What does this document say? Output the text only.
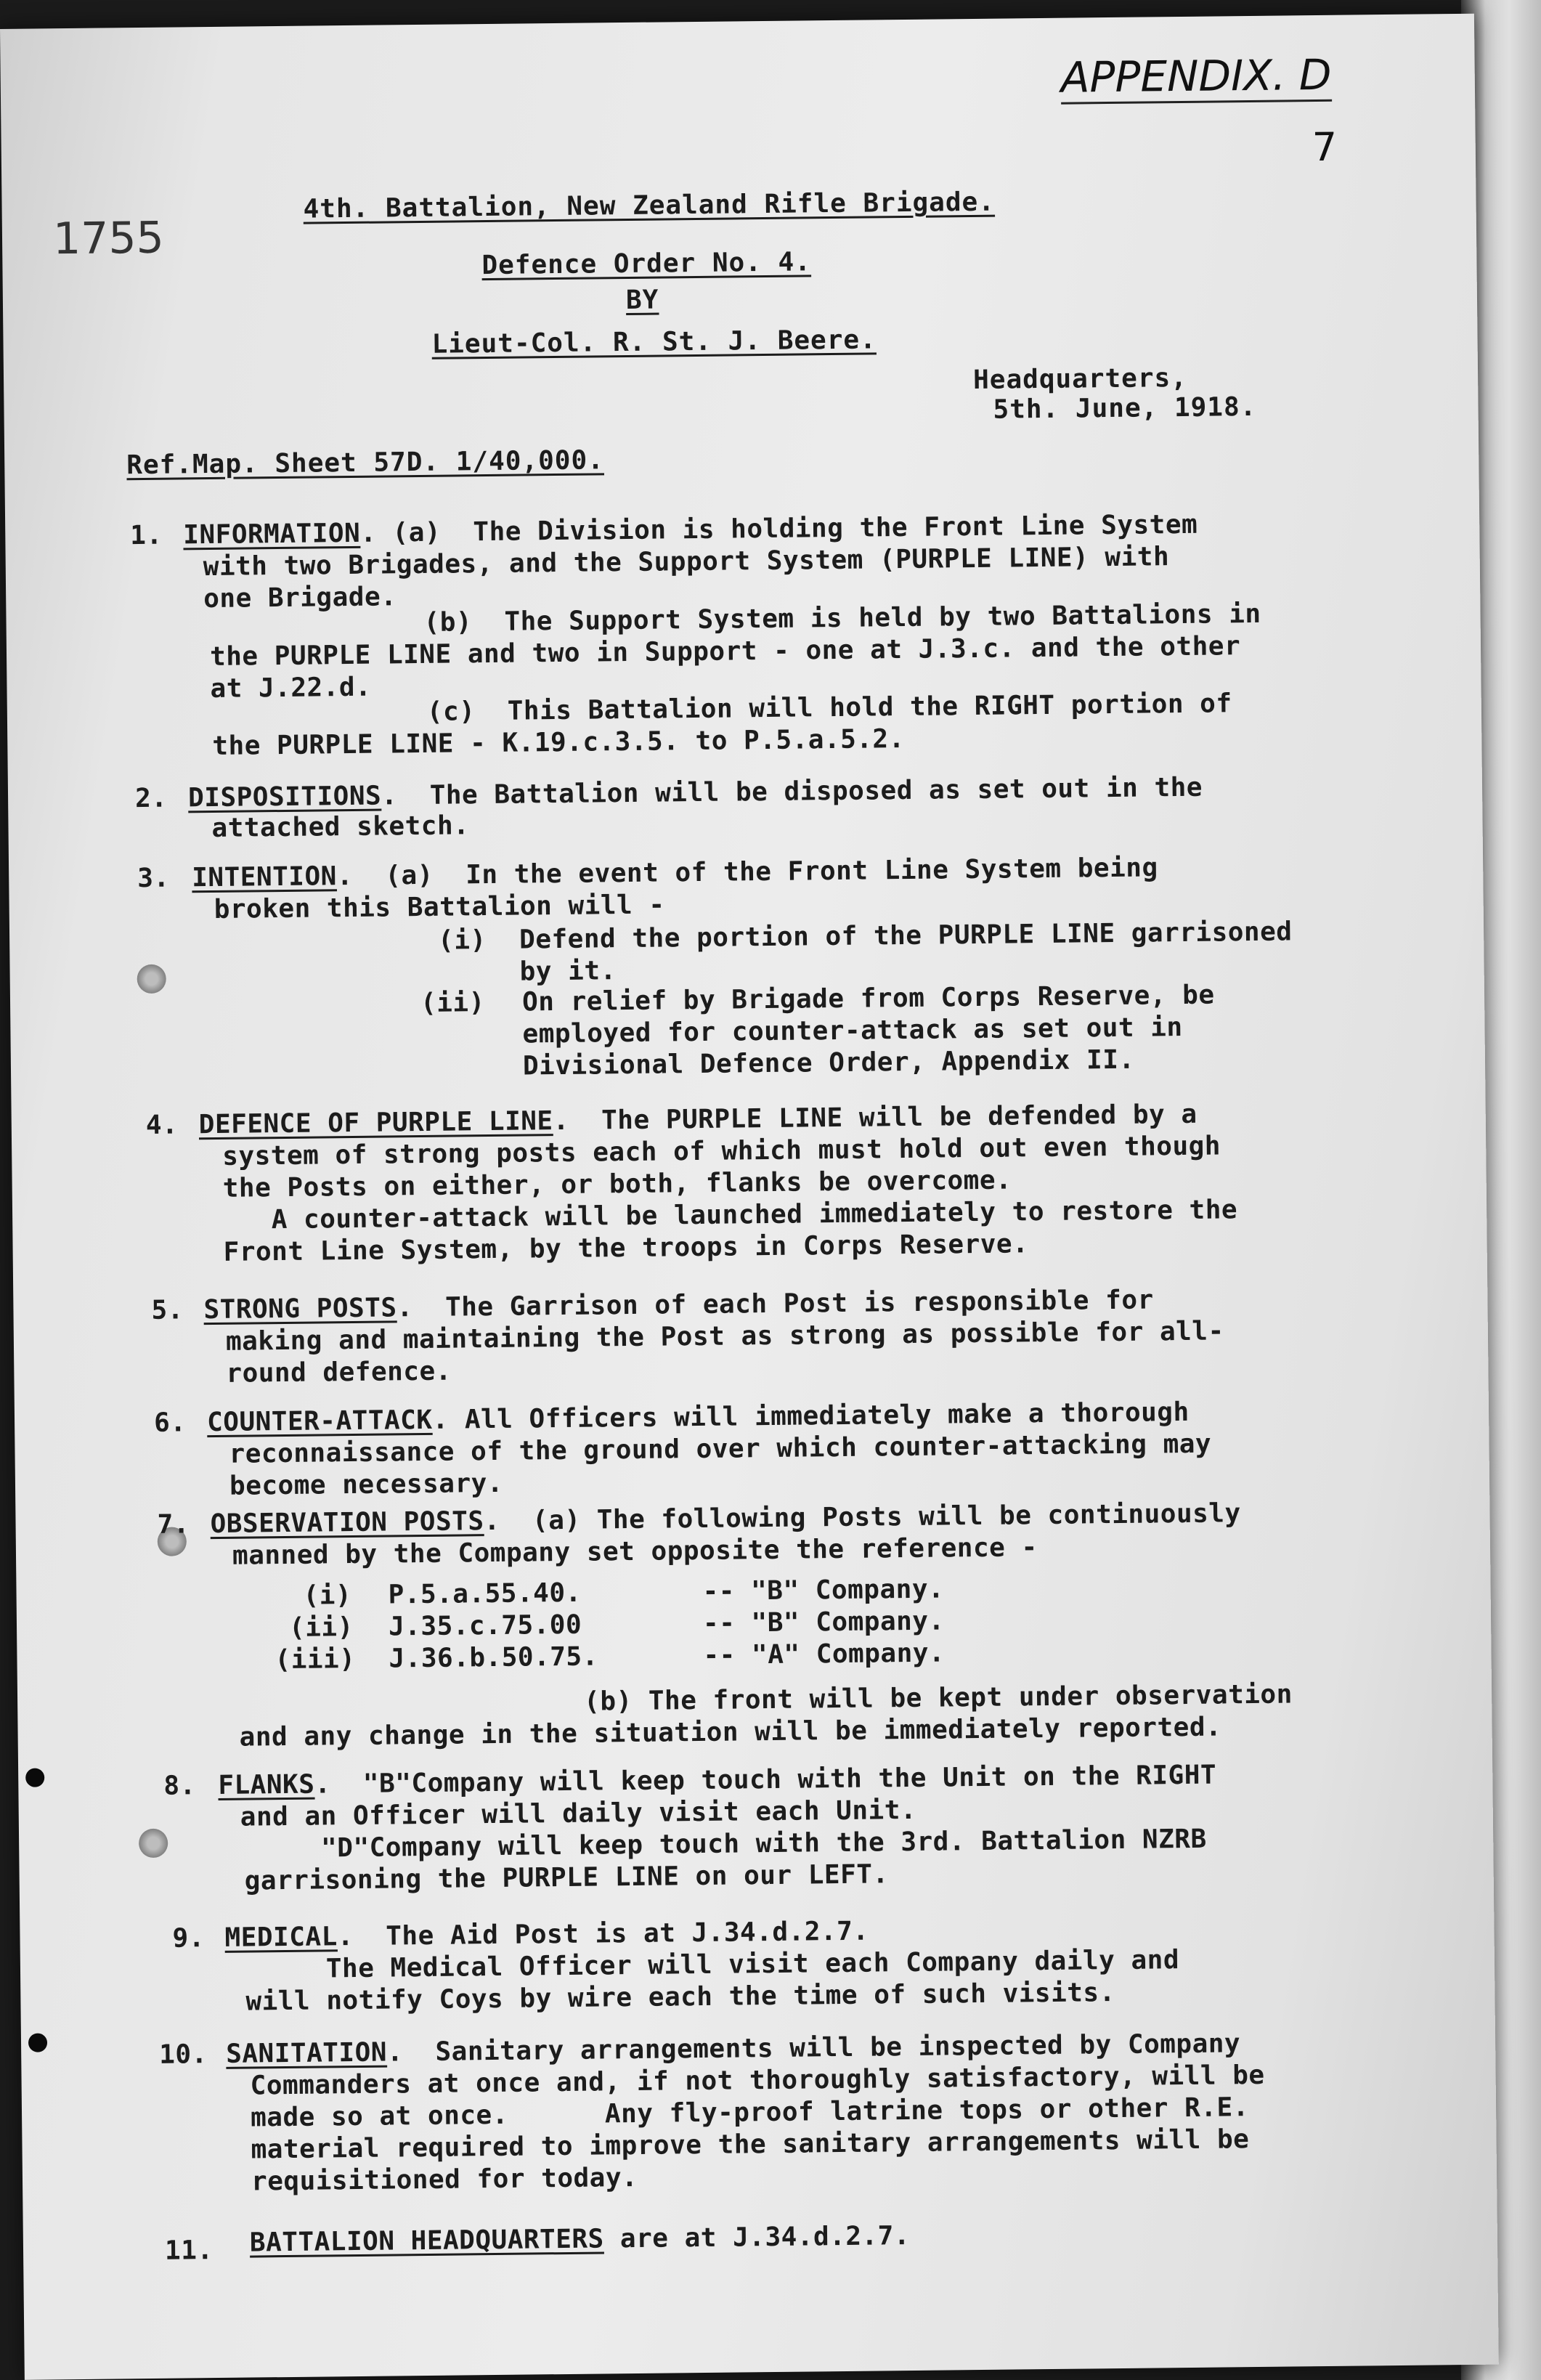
APPENDIX. D
7
1755
4th. Battalion, New Zealand Rifle Brigade.
Defence Order No. 4.
BY
Lieut-Col. R. St. J. Beere.
Headquarters,
5th. June, 1918.
Ref.Map. Sheet 57D. 1/40,000.
1. INFORMATION. (a)  The Division is holding the Front Line System
with two Brigades, and the Support System (PURPLE LINE) with
one Brigade.
(b)  The Support System is held by two Battalions in
the PURPLE LINE and two in Support - one at J.3.c. and the other
at J.22.d.
(c)  This Battalion will hold the RIGHT portion of
the PURPLE LINE - K.19.c.3.5. to P.5.a.5.2.
2. DISPOSITIONS.  The Battalion will be disposed as set out in the
attached sketch.
3. INTENTION.  (a)  In the event of the Front Line System being
broken this Battalion will -
(i) Defend the portion of the PURPLE LINE garrisoned
by it.
(ii) On relief by Brigade from Corps Reserve, be
employed for counter-attack as set out in
Divisional Defence Order, Appendix II.
4. DEFENCE OF PURPLE LINE.  The PURPLE LINE will be defended by a
system of strong posts each of which must hold out even though
the Posts on either, or both, flanks be overcome.
A counter-attack will be launched immediately to restore the
Front Line System, by the troops in Corps Reserve.
5. STRONG POSTS.  The Garrison of each Post is responsible for
making and maintaining the Post as strong as possible for all-
round defence.
6. COUNTER-ATTACK. All Officers will immediately make a thorough
reconnaissance of the ground over which counter-attacking may
become necessary.
7. OBSERVATION POSTS.  (a) The following Posts will be continuously
manned by the Company set opposite the reference -
(i) P.5.a.55.40.	-- "B" Company.
(ii) J.35.c.75.00	-- "B" Company.
(iii) J.36.b.50.75.	-- "A" Company.
(b) The front will be kept under observation
and any change in the situation will be immediately reported.
8. FLANKS.  "B"Company will keep touch with the Unit on the RIGHT
and an Officer will daily visit each Unit.
"D"Company will keep touch with the 3rd. Battalion NZRB
garrisoning the PURPLE LINE on our LEFT.
9. MEDICAL.  The Aid Post is at J.34.d.2.7.
The Medical Officer will visit each Company daily and
will notify Coys by wire each the time of such visits.
10. SANITATION.  Sanitary arrangements will be inspected by Company
Commanders at once and, if not thoroughly satisfactory, will be
made so at once.      Any fly-proof latrine tops or other R.E.
material required to improve the sanitary arrangements will be
requisitioned for today.
11. BATTALION HEADQUARTERS are at J.34.d.2.7.
